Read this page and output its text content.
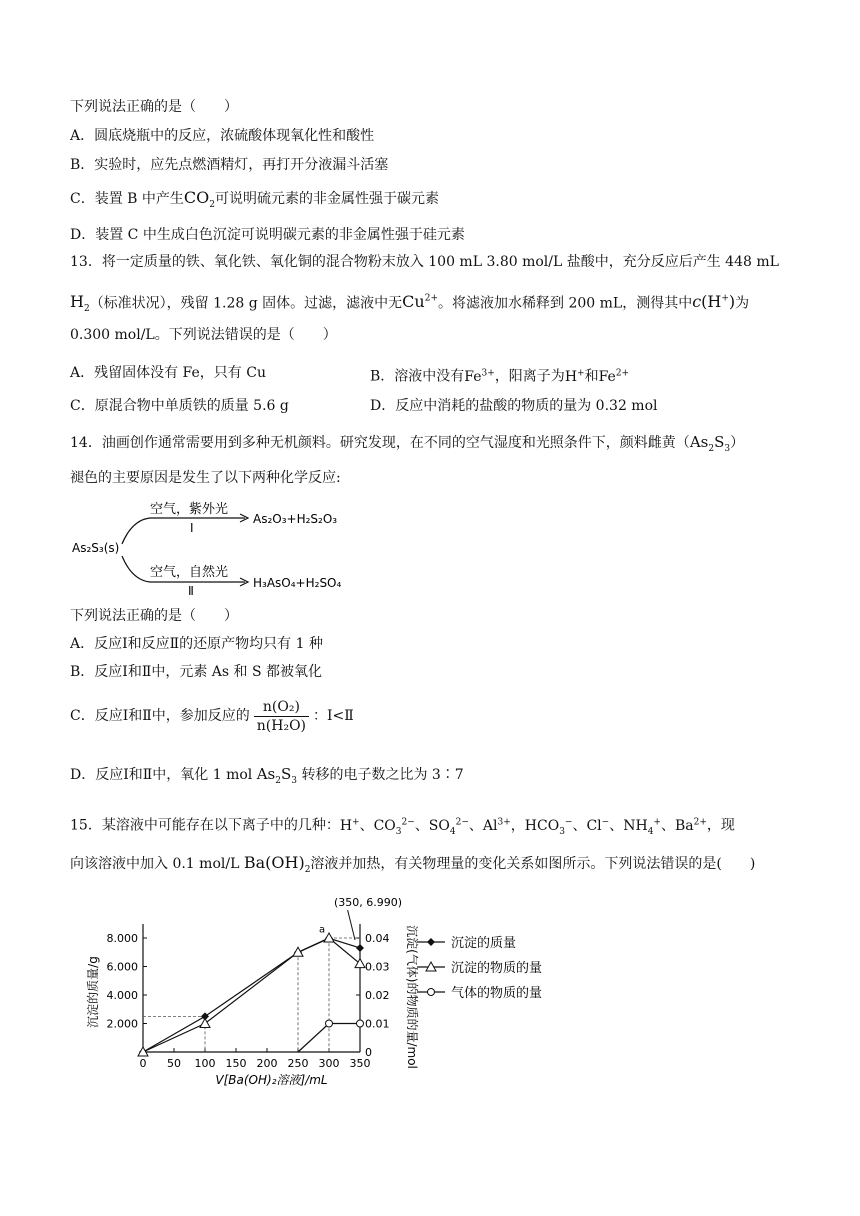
下列说法正确的是（　　）
A．圆底烧瓶中的反应，浓硫酸体现氧化性和酸性
B．实验时，应先点燃酒精灯，再打开分液漏斗活塞
C．装置 B 中产生$CO_2$可说明硫元素的非金属性强于碳元素
D．装置 C 中生成白色沉淀可说明碳元素的非金属性强于硅元素
13．将一定质量的铁、氧化铁、氧化铜的混合物粉末放入 100 mL 3.80 mol/L 盐酸中，充分反应后产生 448 mL
$H_2$（标准状况），残留 1.28 g 固体。过滤，滤液中无$Cu^{2+}$。将滤液加水稀释到 200 mL，测得其中c(H+)为
0.300 mol/L。下列说法错误的是（　　）
A．残留固体没有 Fe，只有 Cu	B．溶液中没有$Fe^{3+}$，阳离子为H+和$Fe^{2+}$
C．原混合物中单质铁的质量 5.6 g	D．反应中消耗的盐酸的物质的量为 0.32 mol
14．油画创作通常需要用到多种无机颜料。研究发现，在不同的空气湿度和光照条件下，颜料雌黄$(As_2S_3)$
褪色的主要原因是发生了以下两种化学反应:
As₂S₃(s)
空气，紫外光
Ⅰ
As₂O₃+H₂S₂O₃
空气，自然光
Ⅱ
H₃AsO₄+H₂SO₄
下列说法正确的是（　　）
A．反应Ⅰ和反应Ⅱ的还原产物均只有 1 种
B．反应Ⅰ和Ⅱ中，元素 As 和 S 都被氧化
C．反应Ⅰ和Ⅱ中，参加反应的 $\frac{\text{n(O₂)}}{\text{n(H₂O)}}$ ：Ⅰ<Ⅱ
D．反应Ⅰ和Ⅱ中，氧化 1 mol $As_2S_3$ 转移的电子数之比为 3∶7
15．某溶液中可能存在以下离子中的几种：H+、$CO_3^{2-}$、$SO_4^{2-}$、$Al^{3+}$，$HCO_3^-$、Cl−、$NH_4^+$、$Ba^{2+}$，现
向该溶液中加入 0.1 mol/L $Ba(OH)_2$溶液并加热，有关物理量的变化关系如图所示。下列说法错误的是(　　)
0 50 100 150 200 250 300 350
2.000
4.000
6.000
8.000
0
0.01
0.02
0.03
0.04
沉淀的质量/g	沉淀(气体)的物质的量/mol
V[Ba(OH)₂溶液]/mL
(350, 6.990)
a
沉淀的质量
沉淀的物质的量
气体的物质的量
